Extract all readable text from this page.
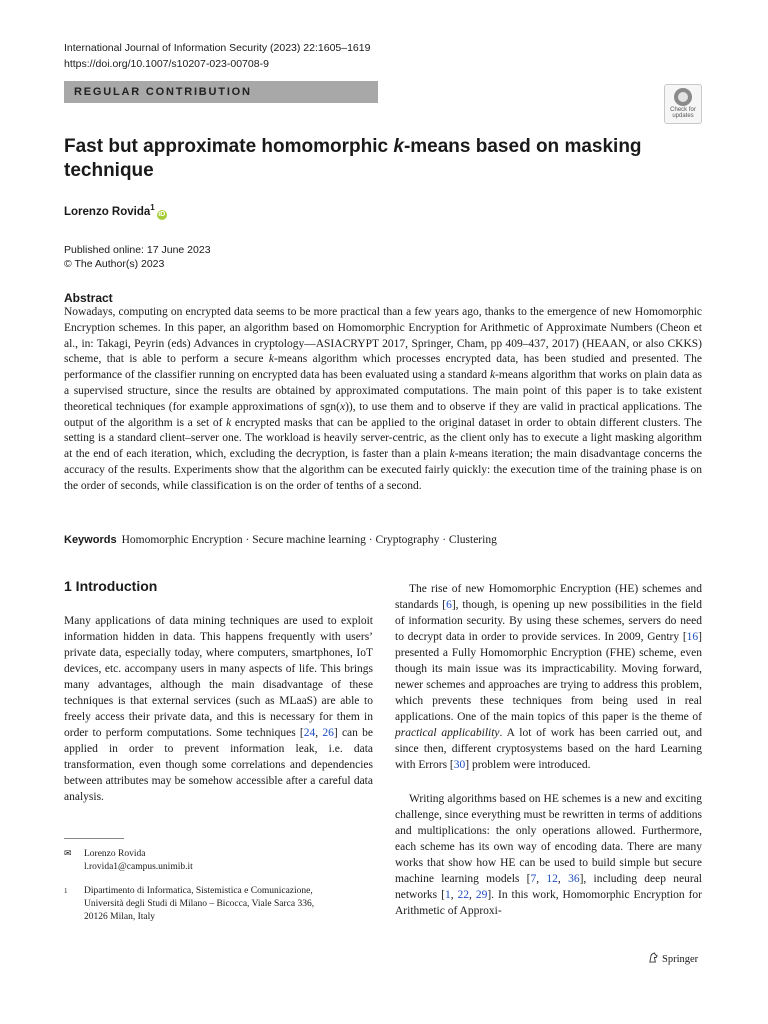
International Journal of Information Security (2023) 22:1605–1619
https://doi.org/10.1007/s10207-023-00708-9
REGULAR CONTRIBUTION
Check for updates
Fast but approximate homomorphic k-means based on masking technique
Lorenzo Rovida$^1$iD
Published online: 17 June 2023
© The Author(s) 2023
Abstract

Nowadays, computing on encrypted data seems to be more practical than a few years ago, thanks to the emergence of new Homomorphic Encryption schemes. In this paper, an algorithm based on Homomorphic Encryption for Arithmetic of Approximate Numbers (Cheon et al., in: Takagi, Peyrin (eds) Advances in cryptology—ASIACRYPT 2017, Springer, Cham, pp 409–437, 2017) (HEAAN, or also CKKS) scheme, that is able to perform a secure k-means algorithm which processes encrypted data, has been studied and presented. The performance of the classifier running on encrypted data has been evaluated using a standard k-means algorithm that works on plain data as a supervised structure, since the results are obtained by approximated computations. The main point of this paper is to take existent theoretical techniques (for example approximations of sgn(x)), to use them and to observe if they are valid in practical applications. The output of the algorithm is a set of k encrypted masks that can be applied to the original dataset in order to obtain different clusters. The setting is a standard client–server one. The workload is heavily server-centric, as the client only has to execute a light masking algorithm at the end of each iteration, which, excluding the decryption, is faster than a plain k-means iteration; the main disadvantage concerns the accuracy of the results. Experiments show that the algorithm can be executed fairly quickly: the execution time of the training phase is on the order of seconds, while classification is on the order of tenths of a second.

Keywords Homomorphic Encryption · Secure machine learning · Cryptography · Clustering
1 Introduction

Many applications of data mining techniques are used to exploit information hidden in data. This happens frequently with users’ private data, especially today, where computers, smartphones, IoT devices, etc. accompany users in many aspects of life. This brings many advantages, although the main disadvantage of these techniques is that external services (such as MLaaS) are able to freely access their private data, and this is necessary for them in order to perform computations. Some techniques [24, 26] can be applied in order to prevent information leak, i.e. data transformation, even though some correlations and dependencies between attributes may be somehow accessible after a careful data analysis.

The rise of new Homomorphic Encryption (HE) schemes and standards [6], though, is opening up new possibilities in the field of information security. By using these schemes, servers do need to decrypt data in order to provide services. In 2009, Gentry [16] presented a Fully Homomorphic Encryption (FHE) scheme, even though its main issue was its impracticability. Moving forward, newer schemes and approaches are trying to address this problem, which prevents these techniques from being used in real applications. One of the main topics of this paper is the theme of practical applicability. A lot of work has been carried out, and since then, different cryptosystems based on the hard Learning with Errors [30] problem were introduced.

Writing algorithms based on HE schemes is a new and exciting challenge, since everything must be rewritten in terms of additions and multiplications: the only operations allowed. Furthermore, each scheme has its own way of encoding data. There are many works that show how HE can be used to build simple but secure machine learning models [7, 12, 36], including deep neural networks [1, 22, 29]. In this work, Homomorphic Encryption for Arithmetic of Approxi-

✉ Lorenzo Rovida
l.rovida1@campus.unimib.it
1 Dipartimento di Informatica, Sistemistica e Comunicazione,
Università degli Studi di Milano – Bicocca, Viale Sarca 336,
20126 Milan, Italy
Springer
